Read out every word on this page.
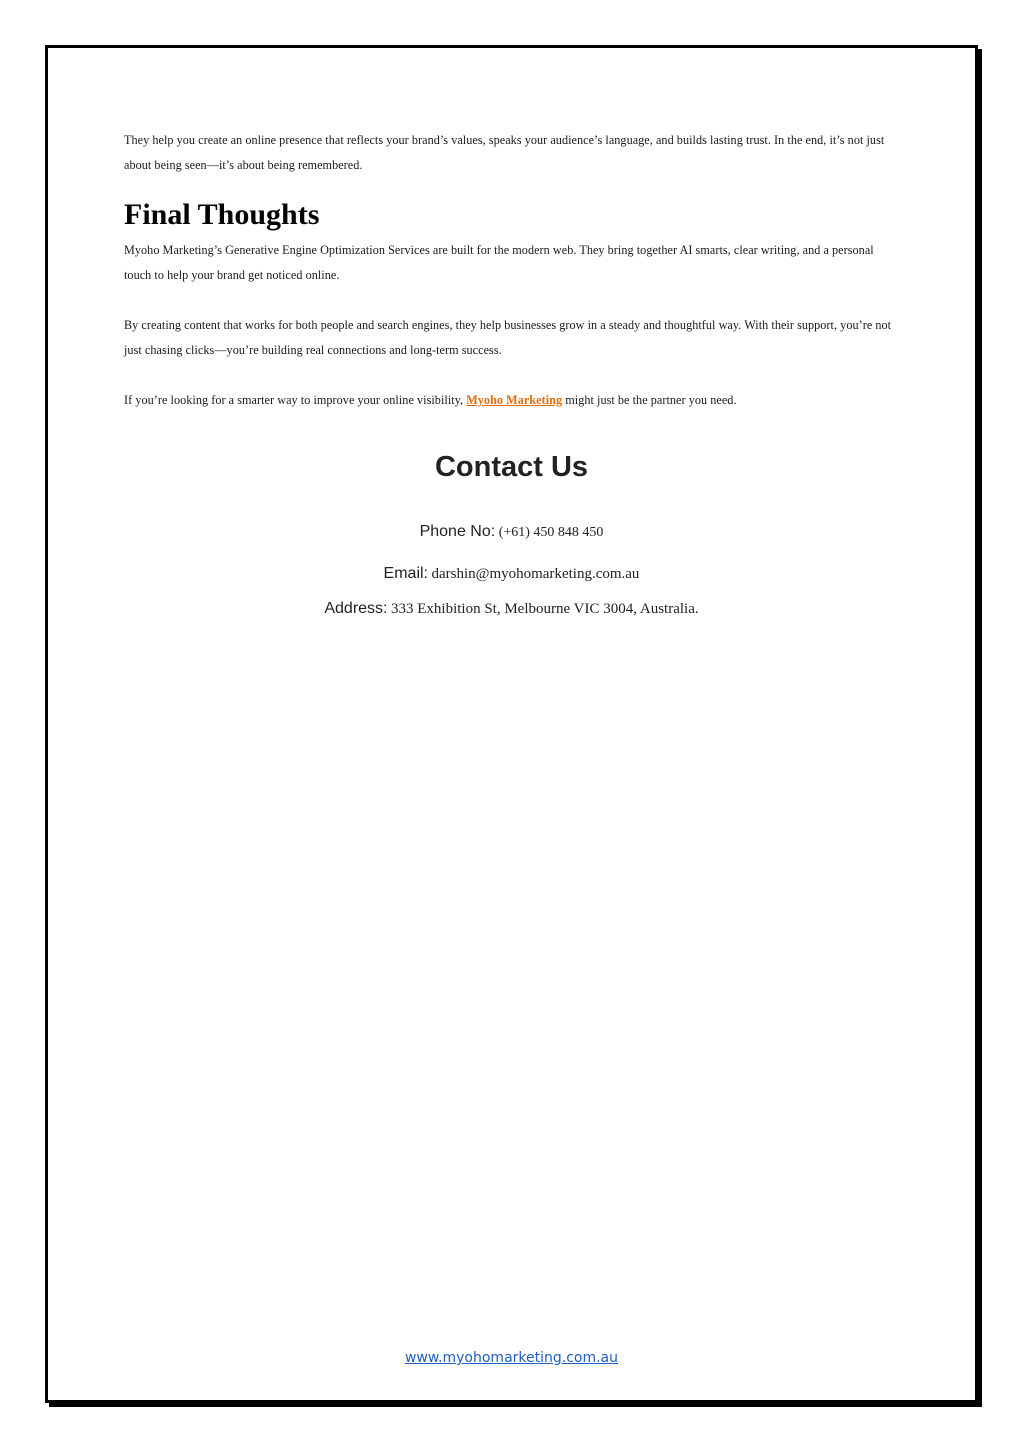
They help you create an online presence that reflects your brand’s values, speaks your audience’s language, and builds lasting trust. In the end, it’s not just about being seen—it’s about being remembered.

Final Thoughts

Myoho Marketing’s Generative Engine Optimization Services are built for the modern web. They bring together AI smarts, clear writing, and a personal touch to help your brand get noticed online.

By creating content that works for both people and search engines, they help businesses grow in a steady and thoughtful way. With their support, you’re not just chasing clicks—you’re building real connections and long-term success.

If you’re looking for a smarter way to improve your online visibility, Myoho Marketing might just be the partner you need.

Contact Us
Phone No: (+61) 450 848 450
Email: darshin@myohomarketing.com.au
Address: 333 Exhibition St, Melbourne VIC 3004, Australia.
www.myohomarketing.com.au
